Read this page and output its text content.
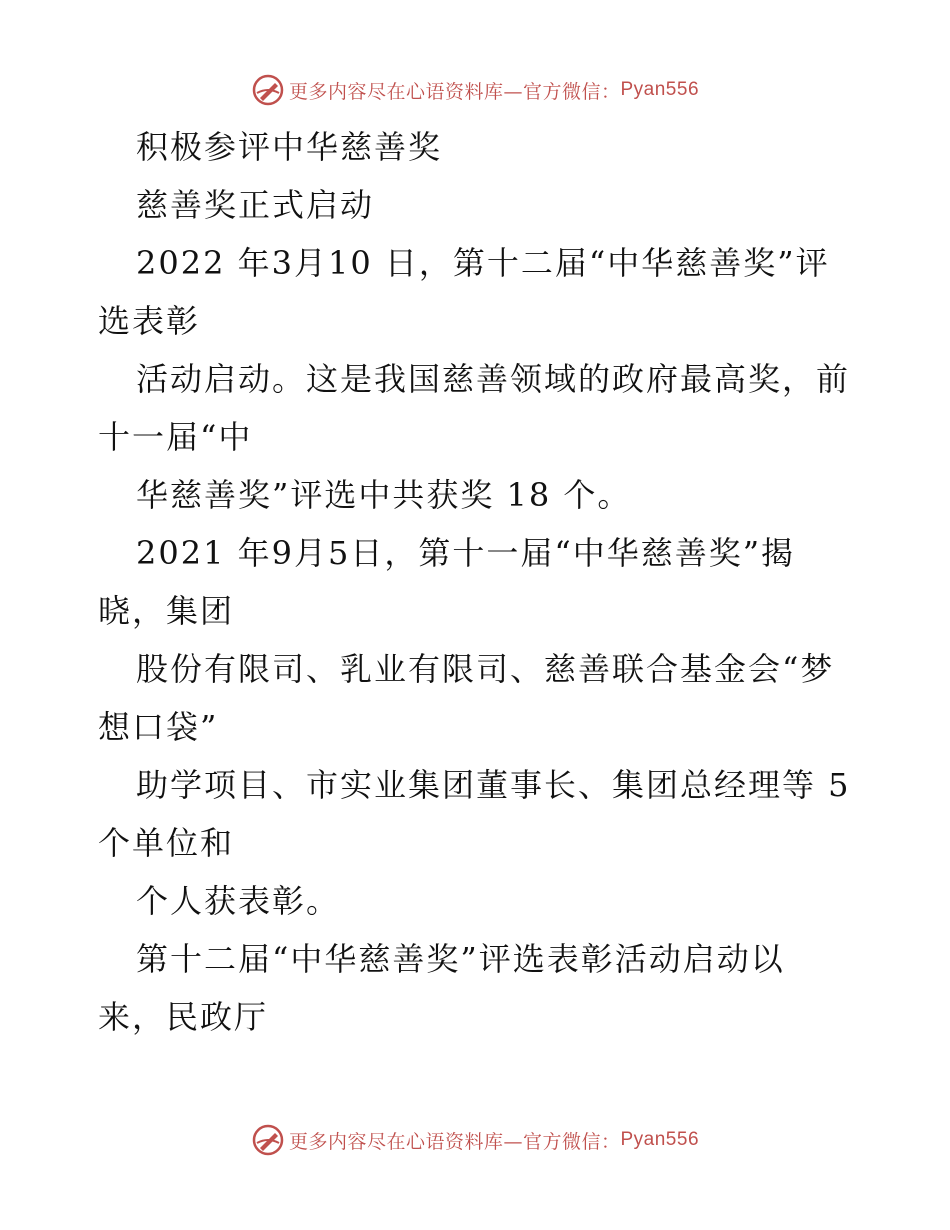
更多内容尽在心语资料库—官方微信： Pyan556
积极参评中华慈善奖
慈善奖正式启动
2022 年3月10 日，第十二届“中华慈善奖”评
选表彰
活动启动。这是我国慈善领域的政府最高奖，前
十一届“中
华慈善奖”评选中共获奖 18 个。
2021 年9月5日，第十一届“中华慈善奖”揭
晓，集团
股份有限司、乳业有限司、慈善联合基金会“梦
想口袋”
助学项目、市实业集团董事长、集团总经理等 5
个单位和
个人获表彰。
第十二届“中华慈善奖”评选表彰活动启动以
来，民政厅
更多内容尽在心语资料库—官方微信： Pyan556
